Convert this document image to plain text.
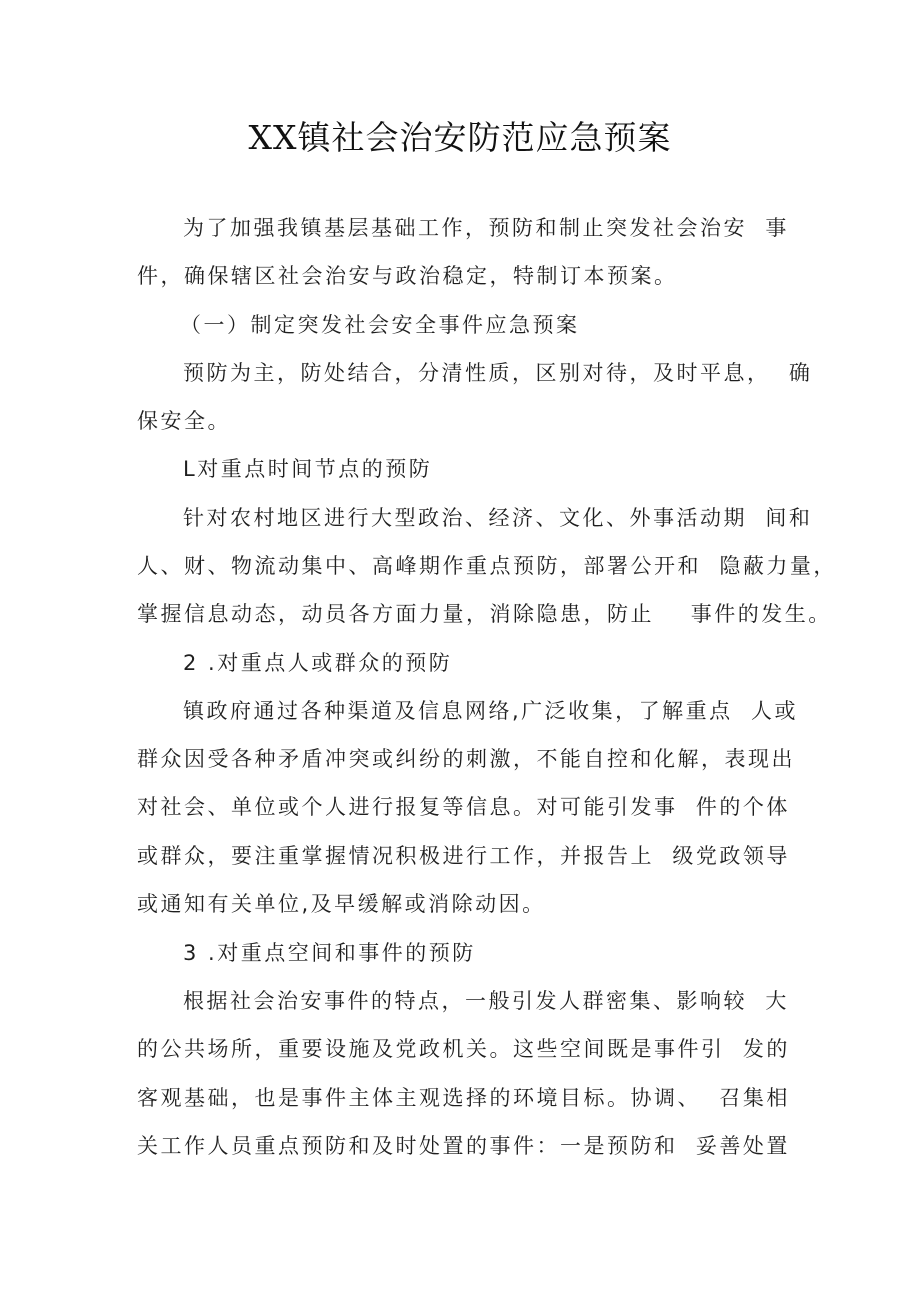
XX镇社会治安防范应急预案
为了加强我镇基层基础工作，预防和制止突发社会治安  事
件，确保辖区社会治安与政治稳定，特制订本预案。
（一）制定突发社会安全事件应急预案
预防为主，防处结合，分清性质，区别对待，及时平息，  确
保安全。
L对重点时间节点的预防
针对农村地区进行大型政治、经济、文化、外事活动期  间和
人、财、物流动集中、高峰期作重点预防，部署公开和  隐蔽力量，
掌握信息动态，动员各方面力量，消除隐患，防止    事件的发生。
2 .对重点人或群众的预防
镇政府通过各种渠道及信息网络,广泛收集，了解重点  人或
群众因受各种矛盾冲突或纠纷的刺激，不能自控和化解，表现出
对社会、单位或个人进行报复等信息。对可能引发事  件的个体
或群众，要注重掌握情况积极进行工作，并报告上  级党政领导
或通知有关单位,及早缓解或消除动因。
3 .对重点空间和事件的预防
根据社会治安事件的特点，一般引发人群密集、影响较  大
的公共场所，重要设施及党政机关。这些空间既是事件引  发的
客观基础，也是事件主体主观选择的环境目标。协调、  召集相
关工作人员重点预防和及时处置的事件：一是预防和  妥善处置
